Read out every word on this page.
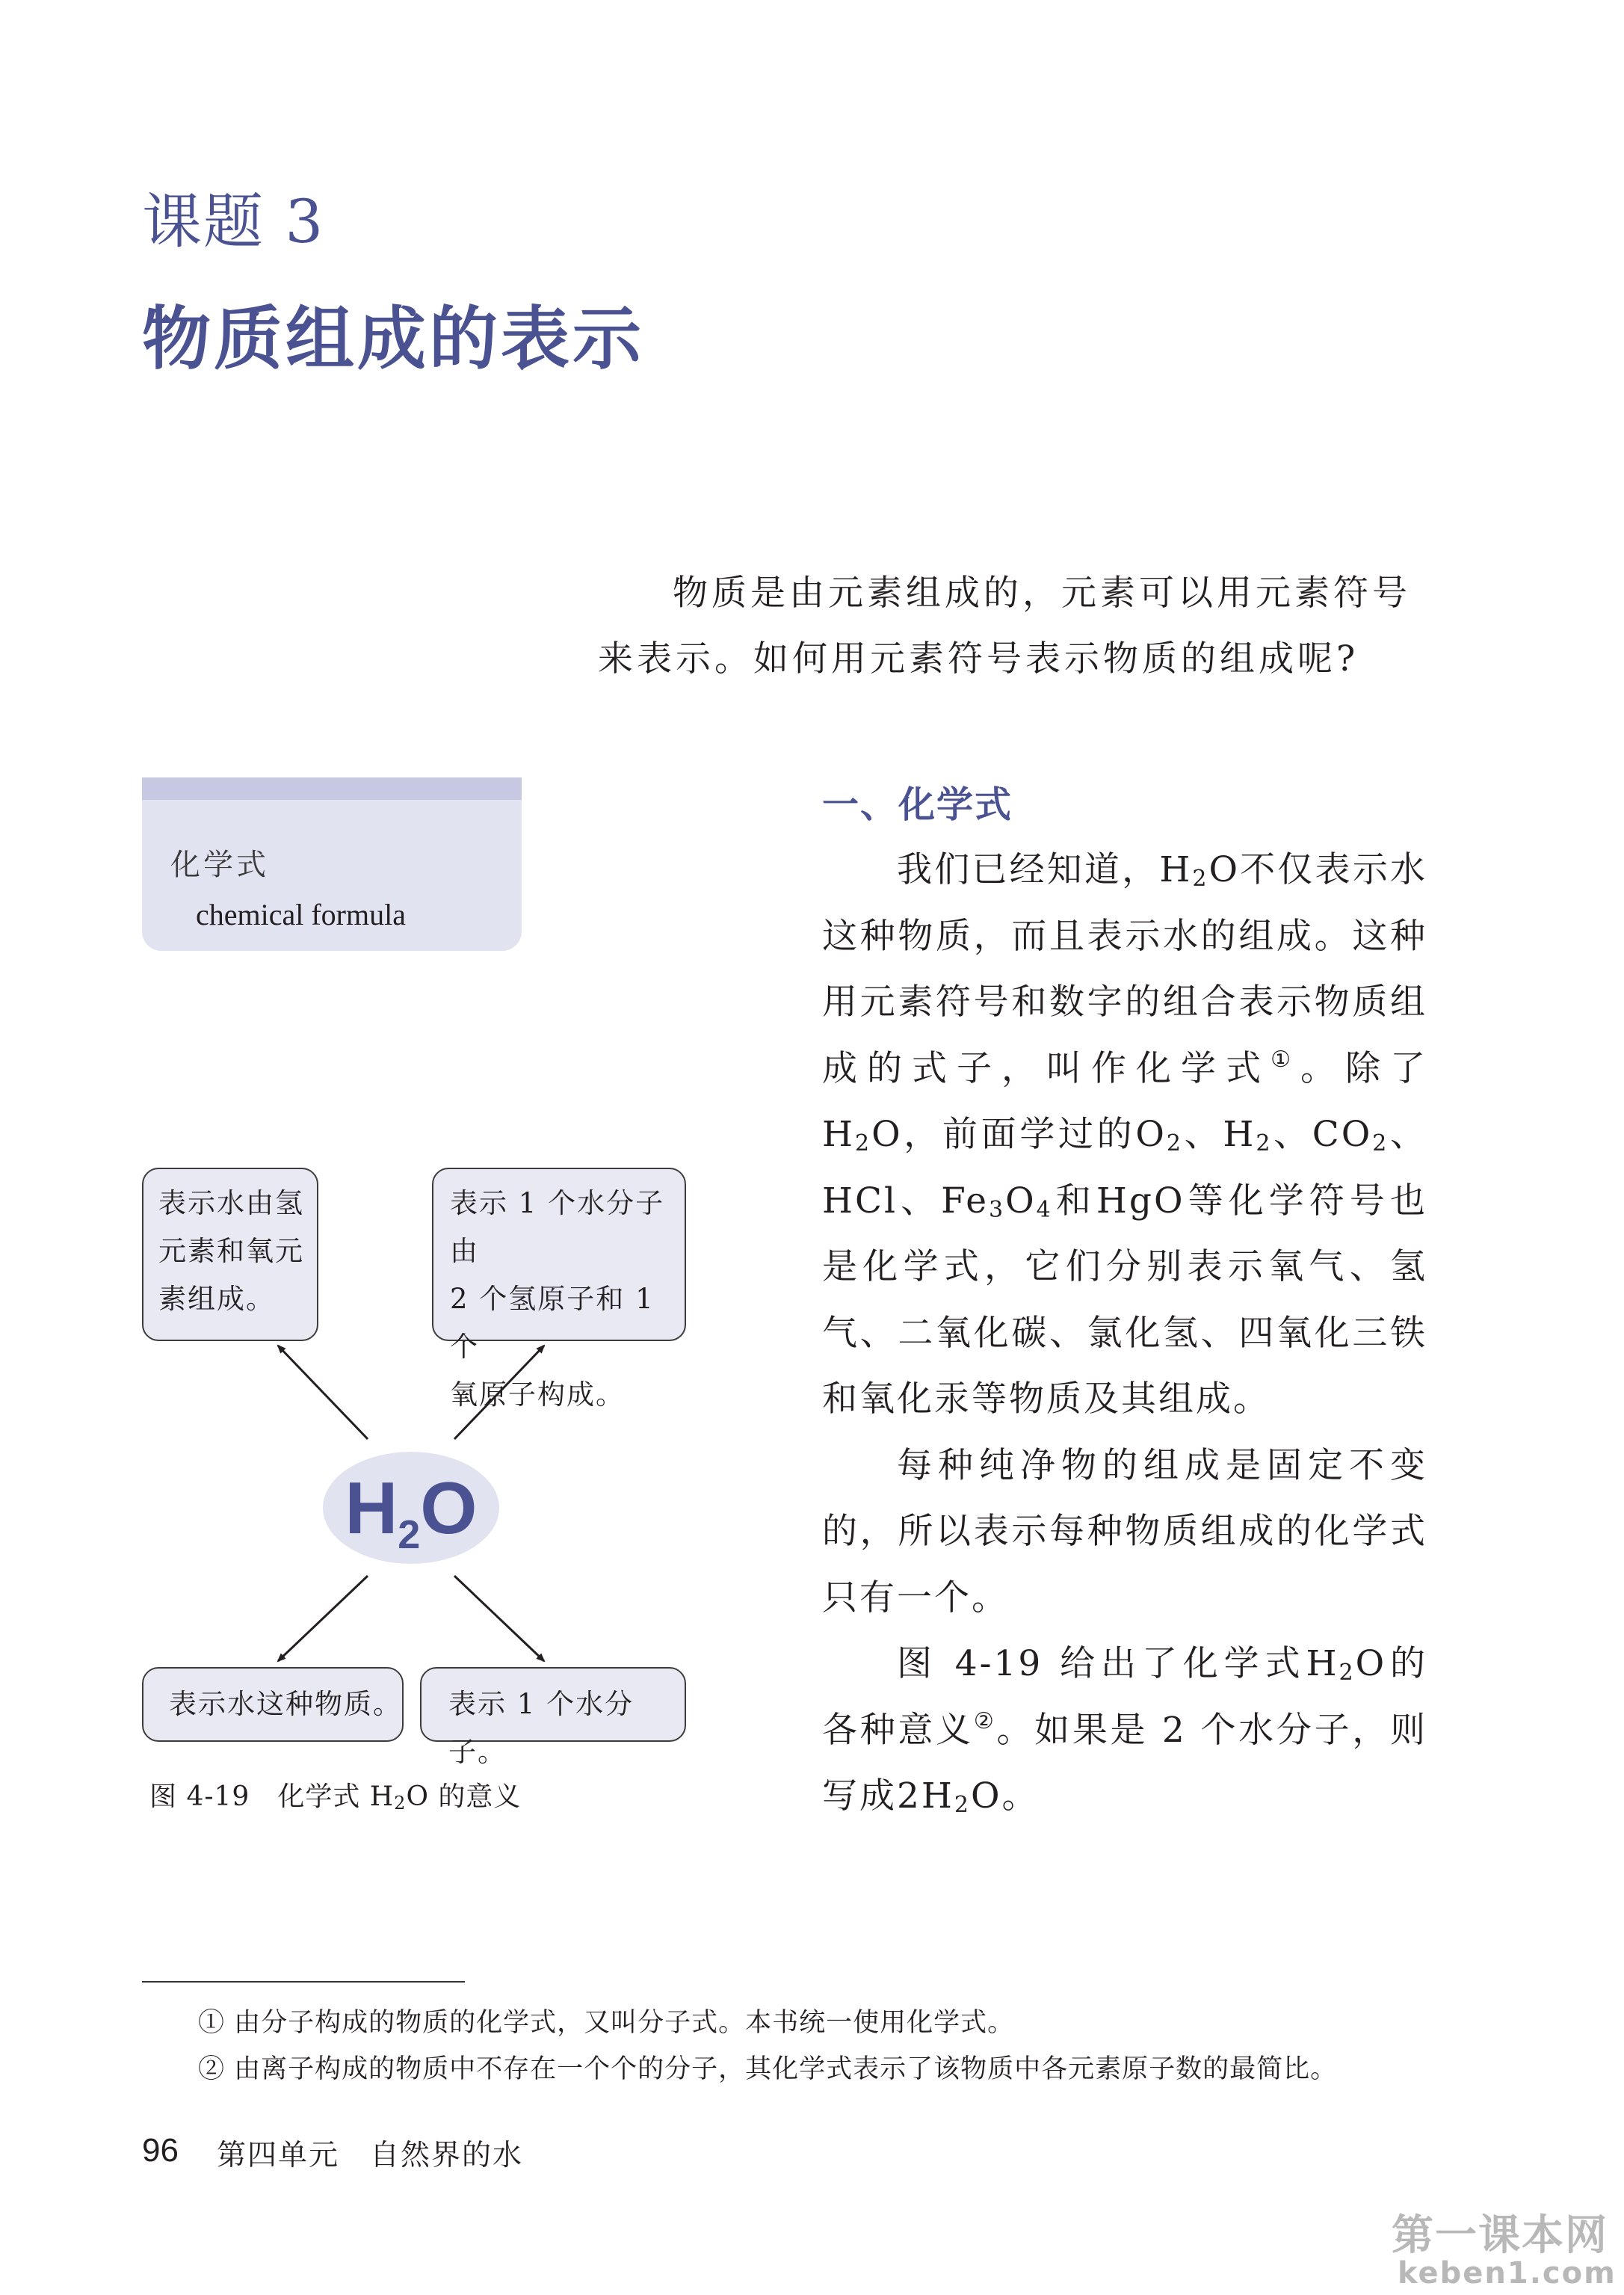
课题 3
物质组成的表示

物质是由元素组成的，元素可以用元素符号

来表示。如何用元素符号表示物质的组成呢?

化学式
chemical formula
一、化学式

我们已经知道，$H_2O$不仅表示水这种物质，而且表示水的组成。这种用元素符号和数字的组合表示物质组成的式子，叫作化学式①。除了$H_2O$，前面学过的$O_2$、$H_2$、$CO_2$、HCl、$Fe_3O_4$和HgO等化学符号也是化学式，它们分别表示氧气、氢气、二氧化碳、氯化氢、四氧化三铁和氧化汞等物质及其组成。

每种纯净物的组成是固定不变的，所以表示每种物质组成的化学式只有一个。

图 4-19 给出了化学式$H_2O$的各种意义②。如果是 2 个水分子，则写成$2H_2O$。

表示水由氢
元素和氧元
素组成。
表示 1 个水分子由
2 个氢原子和 1 个
氧原子构成。
$H_2O$
表示水这种物质。	表示 1 个水分子。
图 4-19　化学式 $H_2O$ 的意义
① 由分子构成的物质的化学式，又叫分子式。本书统一使用化学式。
② 由离子构成的物质中不存在一个个的分子，其化学式表示了该物质中各元素原子数的最简比。
96 第四单元　自然界的水
第一课本网
keben1.com
